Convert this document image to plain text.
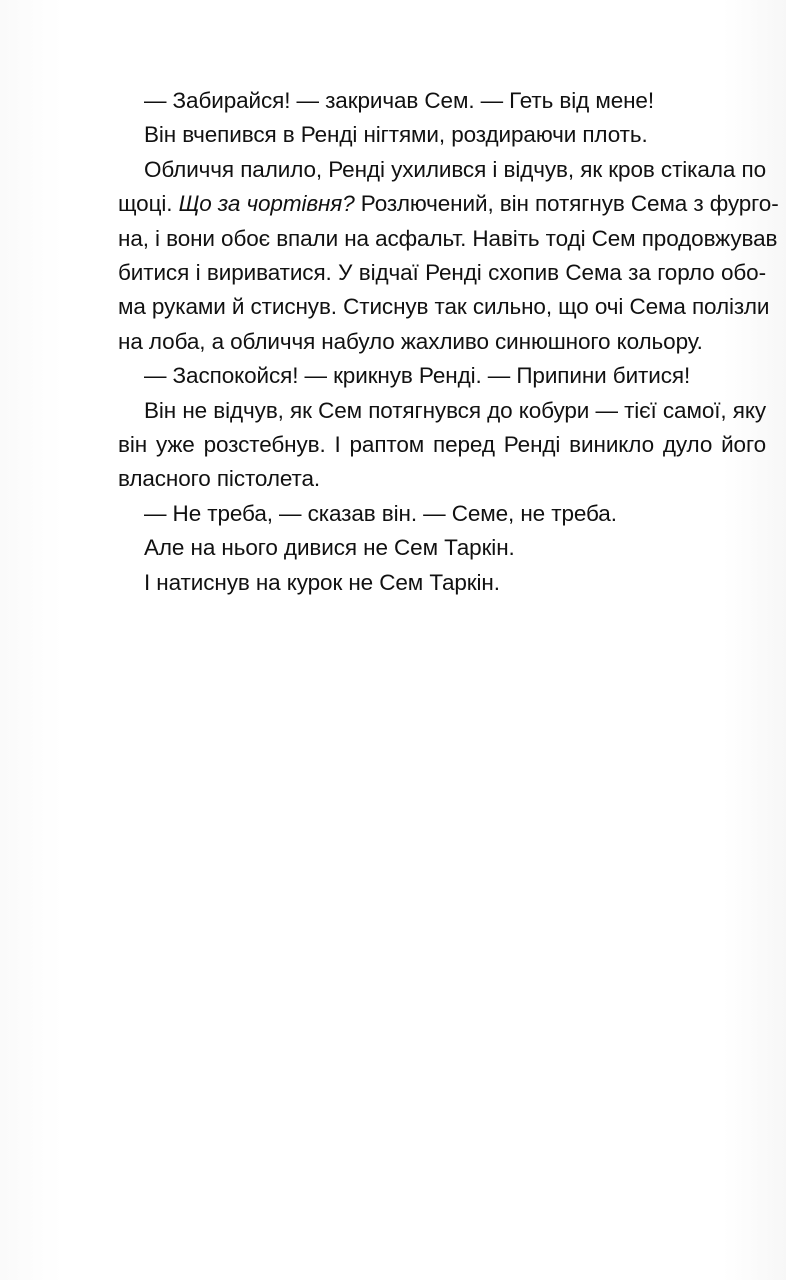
— Забирайся! — закричав Сем. — Геть від мене!

Він вчепився в Ренді нігтями, роздираючи плоть.

Обличчя палило, Ренді ухилився і відчув, як кров стікала по

щоці. Що за чортівня? Розлючений, він потягнув Сема з фурго-

на, і вони обоє впали на асфальт. Навіть тоді Сем продовжував

битися і вириватися. У відчаї Ренді схопив Сема за горло обо-

ма руками й стиснув. Стиснув так сильно, що очі Сема полізли

на лоба, а обличчя набуло жахливо синюшного кольору.

— Заспокойся! — крикнув Ренді. — Припини битися!

Він не відчув, як Сем потягнувся до кобури — тієї самої, яку

він уже розстебнув. І раптом перед Ренді виникло дуло його

власного пістолета.

— Не треба, — сказав він. — Семе, не треба.

Але на нього дивися не Сем Таркін.

І натиснув на курок не Сем Таркін.
